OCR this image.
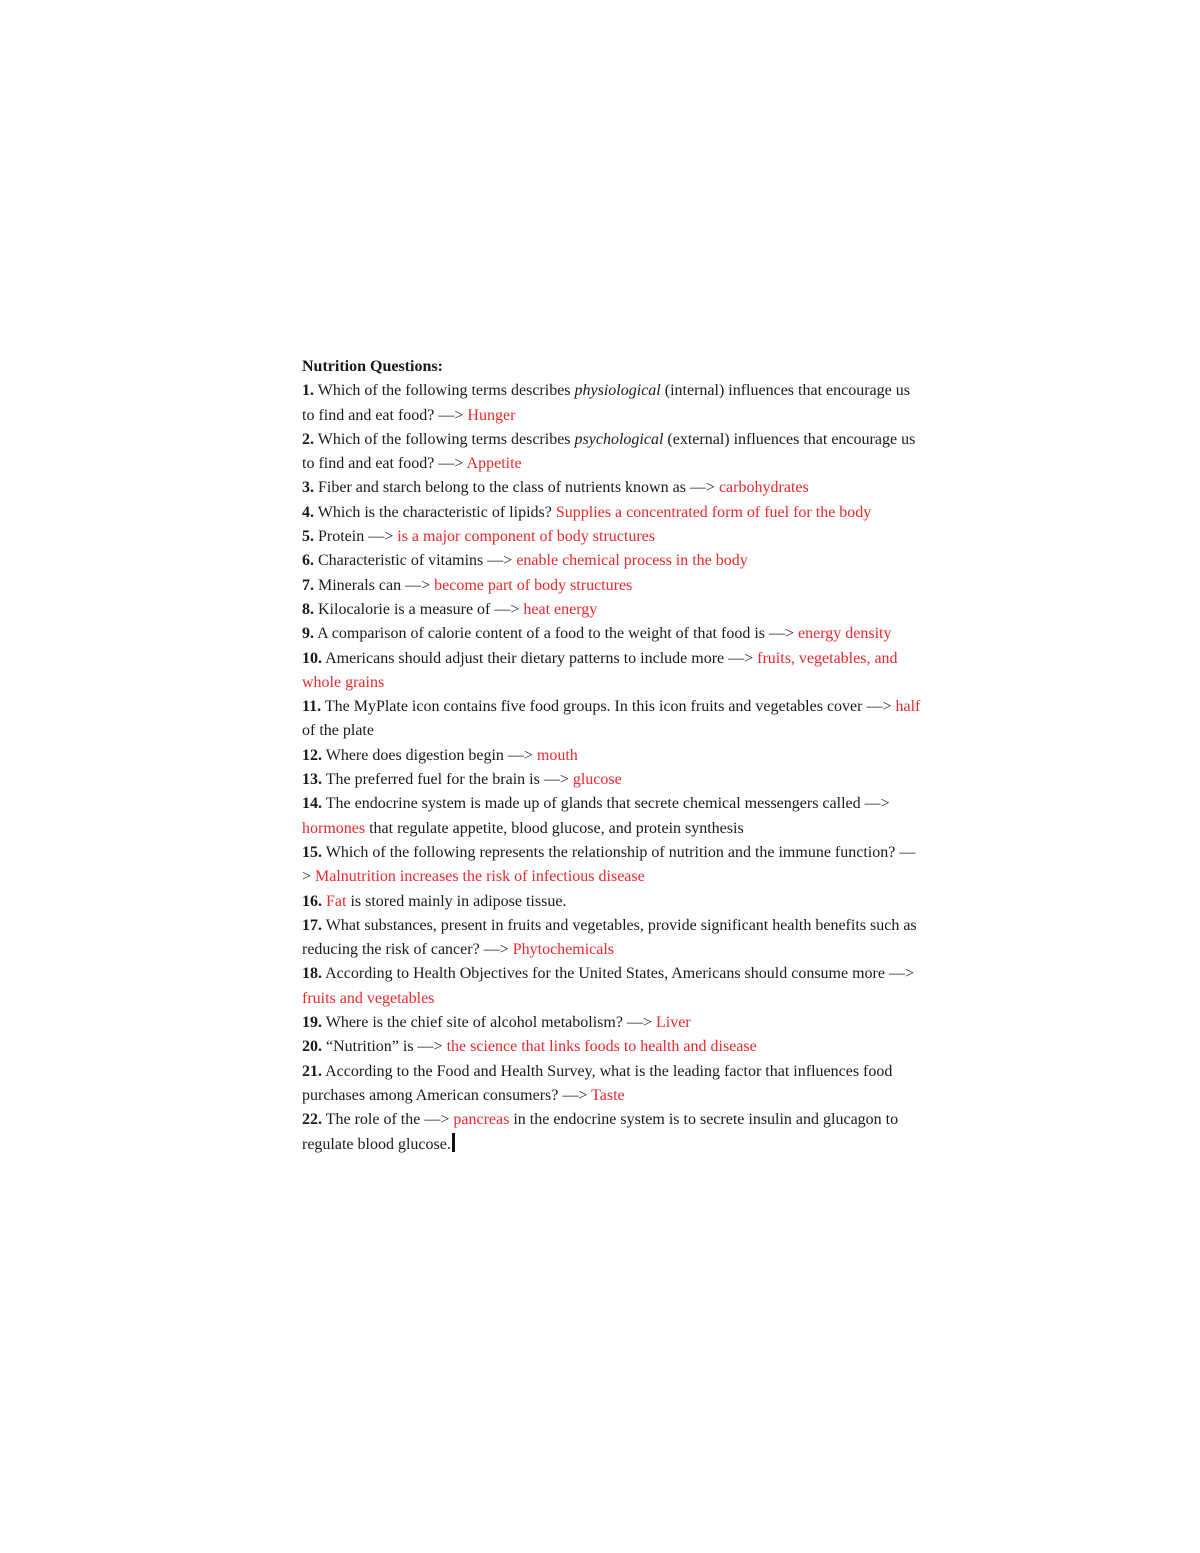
Nutrition Questions:

1. Which of the following terms describes physiological (internal) influences that encourage us to find and eat food? —> Hunger

2. Which of the following terms describes psychological (external) influences that encourage us to find and eat food? —> Appetite

3. Fiber and starch belong to the class of nutrients known as —> carbohydrates

4. Which is the characteristic of lipids? Supplies a concentrated form of fuel for the body

5. Protein —> is a major component of body structures

6. Characteristic of vitamins —> enable chemical process in the body

7. Minerals can —> become part of body structures

8. Kilocalorie is a measure of —> heat energy

9. A comparison of calorie content of a food to the weight of that food is —> energy density

10. Americans should adjust their dietary patterns to include more —> fruits, vegetables, and whole grains

11. The MyPlate icon contains five food groups. In this icon fruits and vegetables cover —> half of the plate

12. Where does digestion begin —> mouth

13. The preferred fuel for the brain is —> glucose

14. The endocrine system is made up of glands that secrete chemical messengers called —> hormones that regulate appetite, blood glucose, and protein synthesis

15. Which of the following represents the relationship of nutrition and the immune function? —> Malnutrition increases the risk of infectious disease

16. Fat is stored mainly in adipose tissue.

17. What substances, present in fruits and vegetables, provide significant health benefits such as reducing the risk of cancer? —> Phytochemicals

18. According to Health Objectives for the United States, Americans should consume more —> fruits and vegetables

19. Where is the chief site of alcohol metabolism? —> Liver

20. “Nutrition” is —> the science that links foods to health and disease

21. According to the Food and Health Survey, what is the leading factor that influences food purchases among American consumers? —> Taste

22. The role of the —> pancreas in the endocrine system is to secrete insulin and glucagon to regulate blood glucose.
